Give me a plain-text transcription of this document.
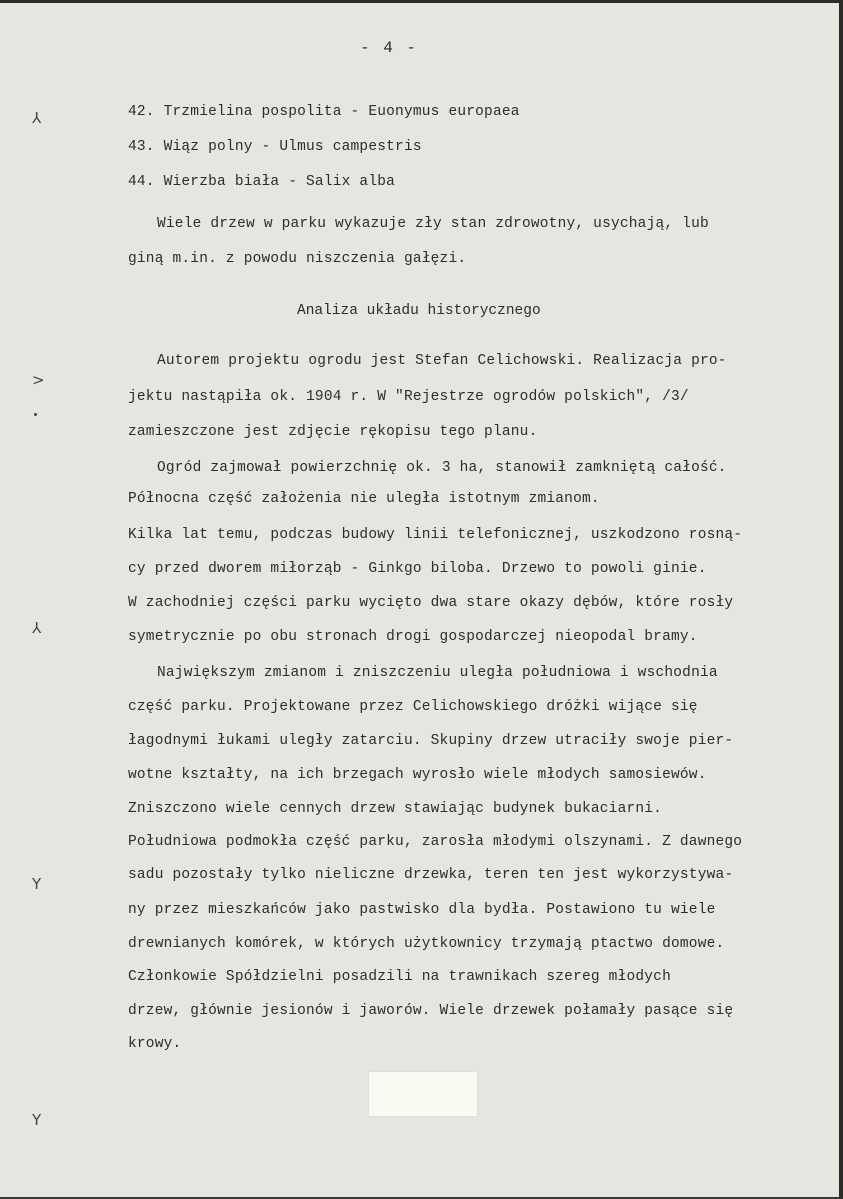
- 4 -
42. Trzmielina pospolita - Euonymus europaea
43. Wiąz polny - Ulmus campestris
44. Wierzba biała - Salix alba
Wiele drzew w parku wykazuje zły stan zdrowotny, usychają, lub
giną m.in. z powodu niszczenia gałęzi.
Analiza układu historycznego
Autorem projektu ogrodu jest Stefan Celichowski. Realizacja pro-
jektu nastąpiła ok. 1904 r. W "Rejestrze ogrodów polskich", /3/
zamieszczone jest zdjęcie rękopisu tego planu.
Ogród zajmował powierzchnię ok. 3 ha, stanowił zamkniętą całość.
Północna część założenia nie uległa istotnym zmianom.
Kilka lat temu, podczas budowy linii telefonicznej, uszkodzono rosną-
cy przed dworem miłorząb - Ginkgo biloba. Drzewo to powoli ginie.
W zachodniej części parku wycięto dwa stare okazy dębów, które rosły
symetrycznie po obu stronach drogi gospodarczej nieopodal bramy.
Największym zmianom i zniszczeniu uległa południowa i wschodnia
część parku. Projektowane przez Celichowskiego dróżki wijące się
łagodnymi łukami uległy zatarciu. Skupiny drzew utraciły swoje pier-
wotne kształty, na ich brzegach wyrosło wiele młodych samosiewów.
Zniszczono wiele cennych drzew stawiając budynek bukaciarni.
Południowa podmokła część parku, zarosła młodymi olszynami. Z dawnego
sadu pozostały tylko nieliczne drzewka, teren ten jest wykorzystywa-
ny przez mieszkańców jako pastwisko dla bydła. Postawiono tu wiele
drewnianych komórek, w których użytkownicy trzymają ptactwo domowe.
Członkowie Spółdzielni posadzili na trawnikach szereg młodych
drzew, głównie jesionów i jaworów. Wiele drzewek połamały pasące się
krowy.
⅄
>
⅄
Y
Y
